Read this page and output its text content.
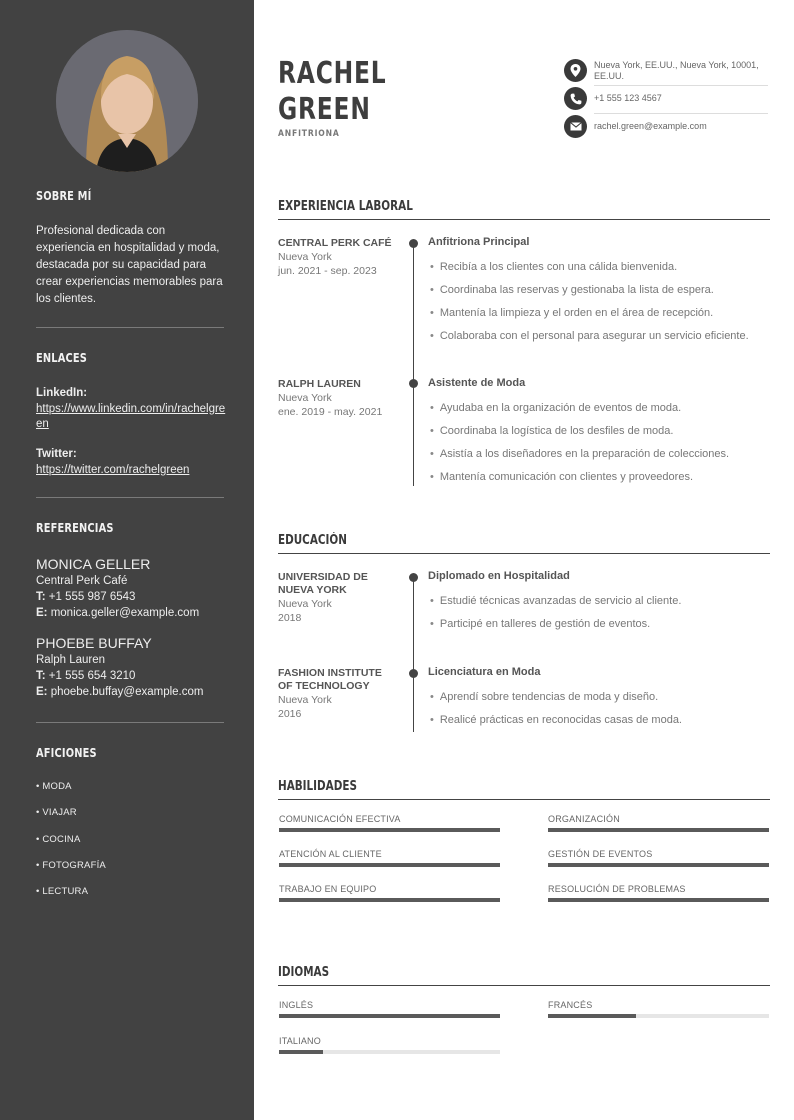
SOBRE MÍ
Profesional dedicada con experiencia en hospitalidad y moda, destacada por su capacidad para crear experiencias memorables para los clientes.
ENLACES
LinkedIn:
https://www.linkedin.com/in/rachelgreen
Twitter:
https://twitter.com/rachelgreen
REFERENCIAS
MONICA GELLER
Central Perk Café
T: +1 555 987 6543
E: monica.geller@example.com
PHOEBE BUFFAY
Ralph Lauren
T: +1 555 654 3210
E: phoebe.buffay@example.com
AFICIONES
• MODA
• VIAJAR
• COCINA
• FOTOGRAFÍA
• LECTURA
RACHEL
GREEN
ANFITRIONA
Nueva York, EE.UU., Nueva York, 10001, EE.UU.
+1 555 123 4567
rachel.green@example.com
EXPERIENCIA LABORAL
CENTRAL PERK CAFÉ
Nueva York
jun. 2021 - sep. 2023
Anfitriona Principal
• Recibía a los clientes con una cálida bienvenida.
• Coordinaba las reservas y gestionaba la lista de espera.
• Mantenía la limpieza y el orden en el área de recepción.
• Colaboraba con el personal para asegurar un servicio eficiente.
RALPH LAUREN
Nueva York
ene. 2019 - may. 2021
Asistente de Moda
• Ayudaba en la organización de eventos de moda.
• Coordinaba la logística de los desfiles de moda.
• Asistía a los diseñadores en la preparación de colecciones.
• Mantenía comunicación con clientes y proveedores.
EDUCACIÓN
UNIVERSIDAD DE
NUEVA YORK
Nueva York
2018
Diplomado en Hospitalidad
• Estudié técnicas avanzadas de servicio al cliente.
• Participé en talleres de gestión de eventos.
FASHION INSTITUTE
OF TECHNOLOGY
Nueva York
2016
Licenciatura en Moda
• Aprendí sobre tendencias de moda y diseño.
• Realicé prácticas en reconocidas casas de moda.
HABILIDADES
COMUNICACIÓN EFECTIVA	ORGANIZACIÓN
ATENCIÓN AL CLIENTE	GESTIÓN DE EVENTOS
TRABAJO EN EQUIPO	RESOLUCIÓN DE PROBLEMAS
IDIOMAS
INGLÉS	FRANCÉS
ITALIANO
